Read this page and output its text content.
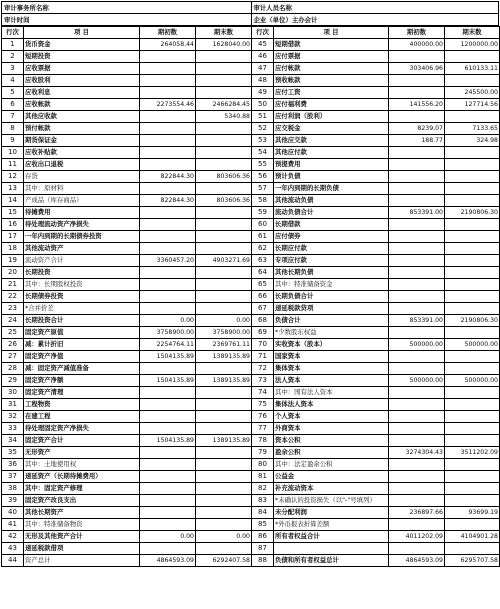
审计事务所名称	审计人员名称
审计时间	企业（单位）主办会计
行次	项 目	期初数	期末数	行次	项 目	期初数	期末数
1	货币资金	264058.44	1628040.00	45	短期借款	400000.00	1200000.00
2	短期投资			46	应付票据		
3	应收票据			47	应付帐款	303406.96	610133.11
4	应收股利			48	预收帐款		
5	应收利息			49	应付工资		245500.00
6	应收帐款	2273554.46	2466284.45	50	应付福利费	141556.20	127714.56
7	其他应收款		5340.88	51	应付利润（股利）		
8	预付帐款			52	应交税金	8239.07	7133.65
9	期货保证金			53	其他应交款	188.77	324.98
10	应收补贴款			54	其他应付款		
11	应收出口退税			55	预提费用		
12	存货	822844.30	803606.36	56	预计负债		
13	其中：原材料			57	一年内到期的长期负债		
14	产成品（库存商品）	822844.30	803606.36	58	其他流动负债		
15	待摊费用			59	流动负债合计	853391.00	2190806.30
16	待处理流动资产净损失			60	长期借款		
17	一年内到期的长期债券投资			61	应付债券		
18	其他流动资产			62	长期应付款		
19	流动资产合计	3360457.20	4903271.69	63	专项应付款		
20	长期投资			64	其他长期负债		
21	其中：长期股权投资			65	其中：特准储备资金		
22	长期债券投资			66	长期负债合计		
23	*合并价差			67	递延税款贷项		
24	长期投资合计	0.00	0.00	68	负债合计	853391.00	2190806.30
25	固定资产原值	3758900.00	3758900.00	69	*少数股东权益		
26	减：累计折旧	2254764.11	2369761.11	70	实收资本（股本）	500000.00	500000.00
27	固定资产净值	1504135.89	1389135.89	71	国家资本		
28	减：固定资产减值准备			72	集体资本		
29	固定资产净额	1504135.89	1389135.89	73	法人资本	500000.00	500000.00
30	固定资产清理			74	其中：国有法人资本		
31	工程物资			75	集体法人资本		
32	在建工程			76	个人资本		
33	待处理固定资产净损失			77	外商资本		
34	固定资产合计	1504135.89	1389135.89	78	资本公积		
35	无形资产			79	盈余公积	3274304.43	3511202.09
36	其中：土地使用权			80	其中：法定盈余公积		
37	递延资产（长期待摊费用）			81	公益金		
38	其中：固定资产修理			82	补充流动资本		
39	固定资产改良支出			83	*未确认的投资损失（以"-"号填列）		
40	其他长期资产			84	未分配利润	236897.66	93699.19
41	其中：特准储备物资			85	*外币报表折算差额		
42	无形及其他资产合计	0.00	0.00	86	所有者权益合计	4011202.09	4104901.28
43	递延税款借项			87			
44	资产总计	4864593.09	6292407.58	88	负债和所有者权益总计	4864593.09	6295707.58
